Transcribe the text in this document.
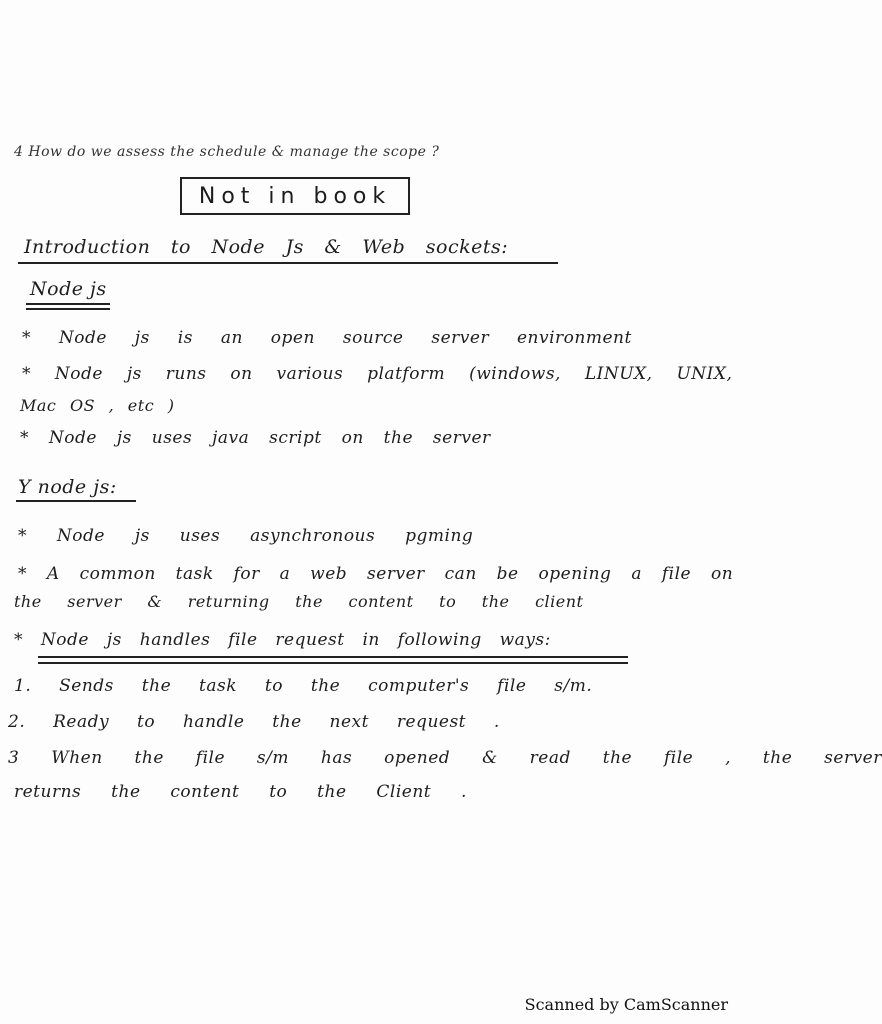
4 How do we assess the schedule & manage the scope ?
Not in book
Introduction to Node Js & Web sockets:
Node js
* Node js is an open source server environment
* Node js runs on various platform (windows, LINUX, UNIX,
Mac OS , etc )
* Node js uses java script on the server
Y node js:
* Node js uses asynchronous pgming
* A common task for a web server can be opening a file on
the server & returning the content to the client
* Node js handles file request in following ways:
1. Sends the task to the computer's file s/m.
2. Ready to handle the next request .
3 When the file s/m has opened & read the file , the server
returns the content to the Client .
Scanned by CamScanner
